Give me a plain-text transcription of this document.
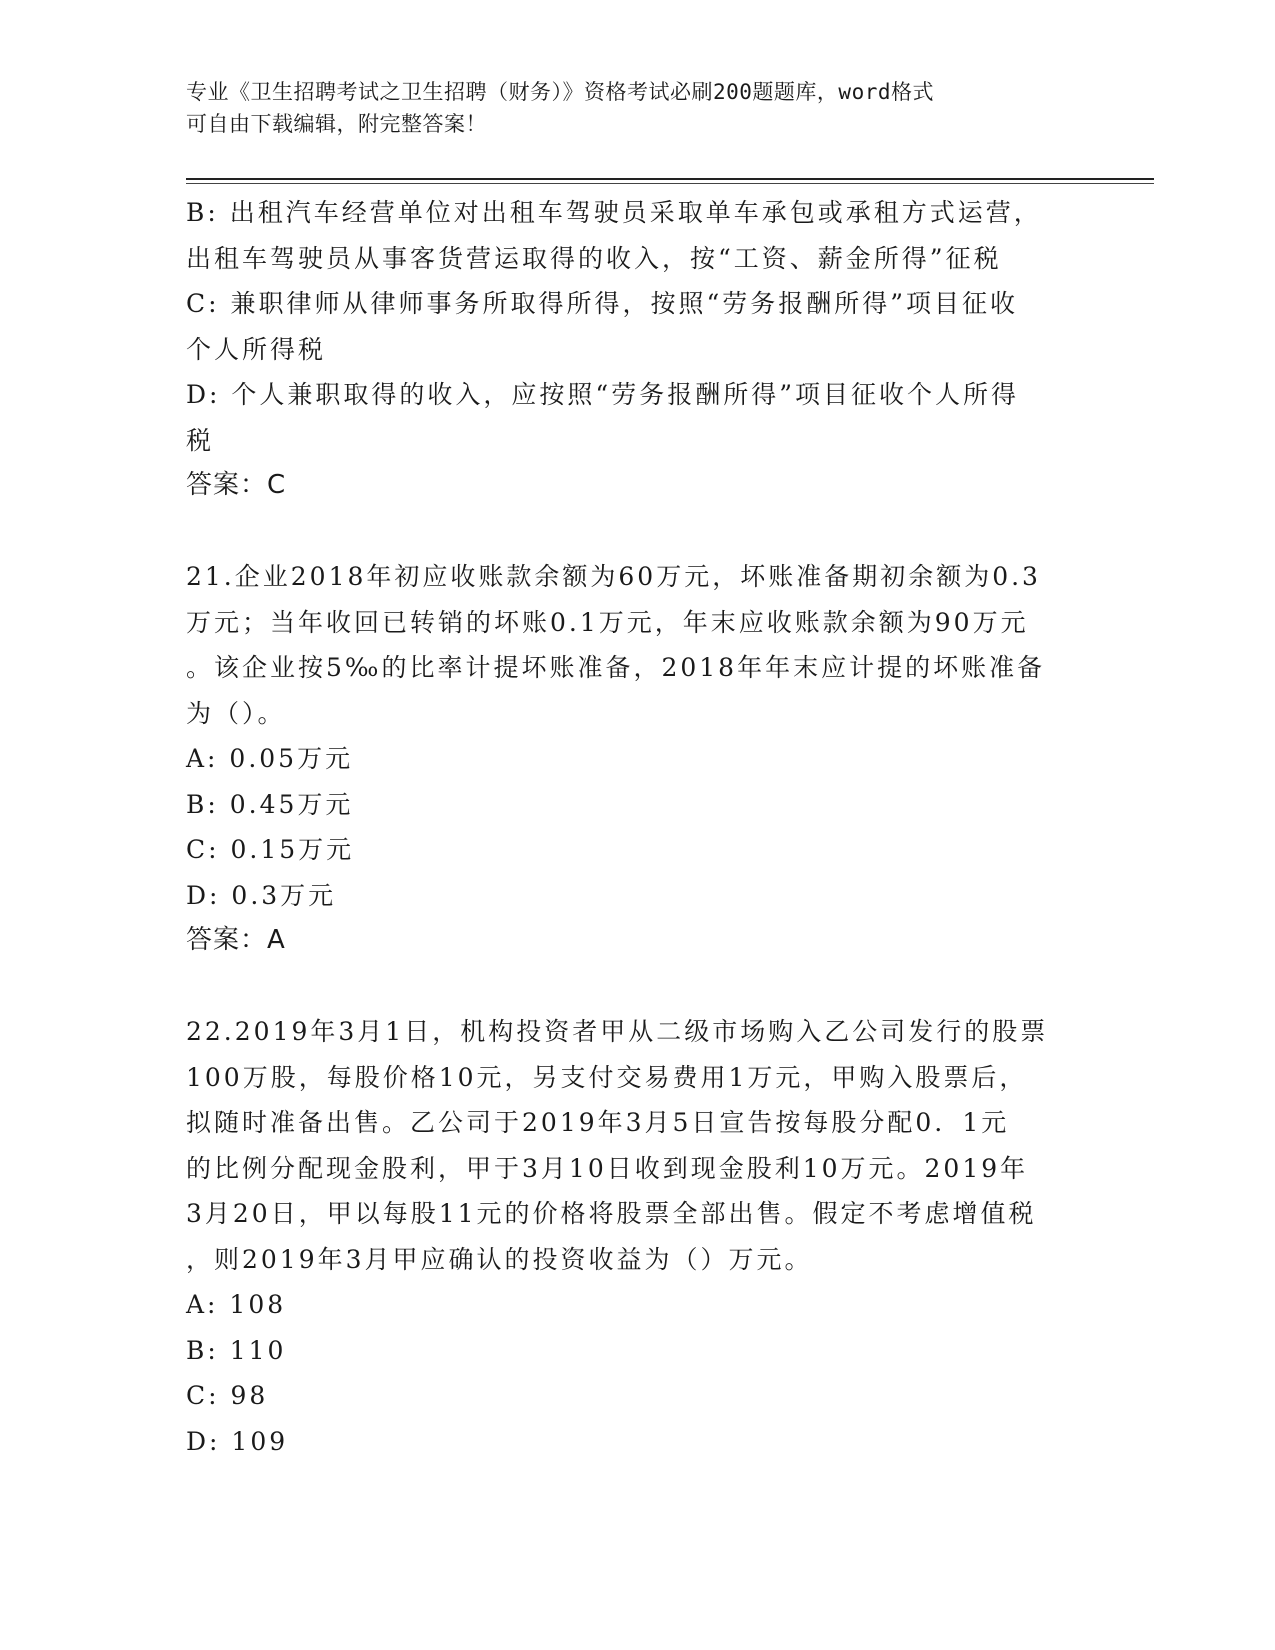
专业《卫生招聘考试之卫生招聘（财务）》资格考试必刷200题题库，word格式
可自由下载编辑，附完整答案！

B: 出租汽车经营单位对出租车驾驶员采取单车承包或承租方式运营，

出租车驾驶员从事客货营运取得的收入，按“工资、薪金所得”征税

C: 兼职律师从律师事务所取得所得，按照“劳务报酬所得”项目征收

个人所得税

D: 个人兼职取得的收入，应按照“劳务报酬所得”项目征收个人所得

税

答案：C

21.企业2018年初应收账款余额为60万元，坏账准备期初余额为0.3

万元；当年收回已转销的坏账0.1万元，年末应收账款余额为90万元

。该企业按5‰的比率计提坏账准备，2018年年末应计提的坏账准备

为（）。

A: 0.05万元

B: 0.45万元

C: 0.15万元

D: 0.3万元

答案：A

22.2019年3月1日，机构投资者甲从二级市场购入乙公司发行的股票

100万股，每股价格10元，另支付交易费用1万元，甲购入股票后，

拟随时准备出售。乙公司于2019年3月5日宣告按每股分配0．1元

的比例分配现金股利，甲于3月10日收到现金股利10万元。2019年

3月20日，甲以每股11元的价格将股票全部出售。假定不考虑增值税

，则2019年3月甲应确认的投资收益为（）万元。

A: 108

B: 110

C: 98

D: 109
